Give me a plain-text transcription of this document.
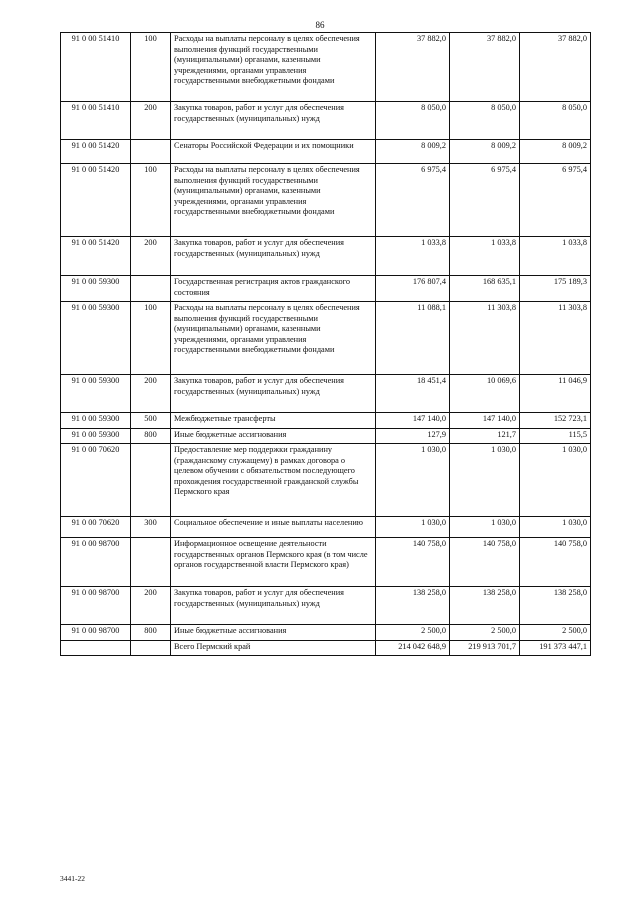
86
91 0 00 51410	100	Расходы на выплаты персоналу в целях обеспечения выполнения функций государственными (муниципальными) органами, казенными учреждениями, органами управления государственными внебюджетными фондами	37 882,0	37 882,0	37 882,0
91 0 00 51410	200	Закупка товаров, работ и услуг для обеспечения государственных (муниципальных) нужд	8 050,0	8 050,0	8 050,0
91 0 00 51420		Сенаторы Российской Федерации и их помощники	8 009,2	8 009,2	8 009,2
91 0 00 51420	100	Расходы на выплаты персоналу в целях обеспечения выполнения функций государственными (муниципальными) органами, казенными учреждениями, органами управления государственными внебюджетными фондами	6 975,4	6 975,4	6 975,4
91 0 00 51420	200	Закупка товаров, работ и услуг для обеспечения государственных (муниципальных) нужд	1 033,8	1 033,8	1 033,8
91 0 00 59300		Государственная регистрация актов гражданского состояния	176 807,4	168 635,1	175 189,3
91 0 00 59300	100	Расходы на выплаты персоналу в целях обеспечения выполнения функций государственными (муниципальными) органами, казенными учреждениями, органами управления государственными внебюджетными фондами	11 088,1	11 303,8	11 303,8
91 0 00 59300	200	Закупка товаров, работ и услуг для обеспечения государственных (муниципальных) нужд	18 451,4	10 069,6	11 046,9
91 0 00 59300	500	Межбюджетные трансферты	147 140,0	147 140,0	152 723,1
91 0 00 59300	800	Иные бюджетные ассигнования	127,9	121,7	115,5
91 0 00 70620		Предоставление мер поддержки гражданину (гражданскому служащему) в рамках договора о целевом обучении с обязательством последующего прохождения государственной гражданской службы Пермского края	1 030,0	1 030,0	1 030,0
91 0 00 70620	300	Социальное обеспечение и иные выплаты населению	1 030,0	1 030,0	1 030,0
91 0 00 98700		Информационное освещение деятельности государственных органов Пермского края (в том числе органов государственной власти Пермского края)	140 758,0	140 758,0	140 758,0
91 0 00 98700	200	Закупка товаров, работ и услуг для обеспечения государственных (муниципальных) нужд	138 258,0	138 258,0	138 258,0
91 0 00 98700	800	Иные бюджетные ассигнования	2 500,0	2 500,0	2 500,0
		Всего Пермский край	214 042 648,9	219 913 701,7	191 373 447,1
3441-22
